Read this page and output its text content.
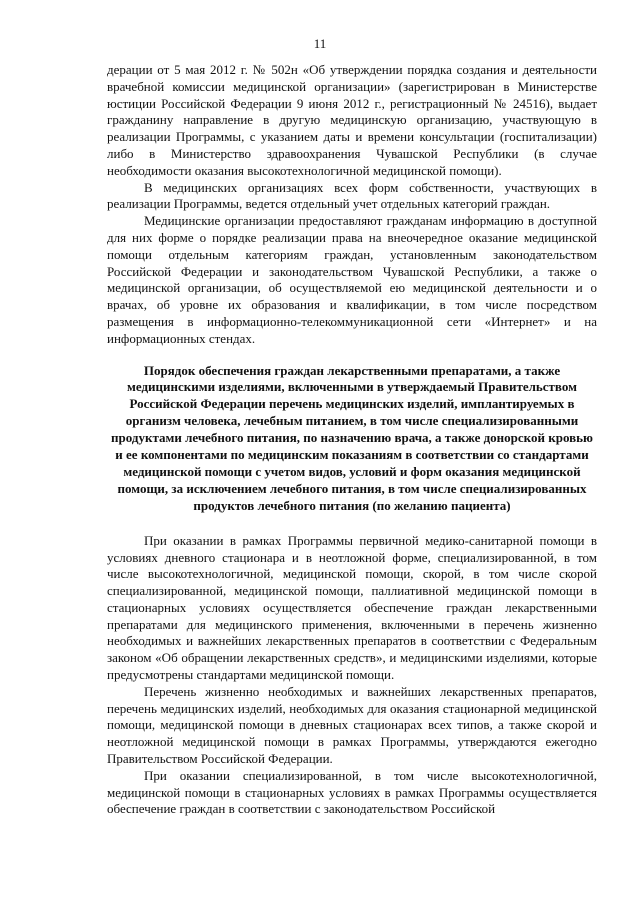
11

дерации от 5 мая 2012 г. № 502н «Об утверждении порядка создания и деятельности врачебной комиссии медицинской организации» (зарегистрирован в Министерстве юстиции Российской Федерации 9 июня 2012 г., регистрационный № 24516), выдает гражданину направление в другую медицинскую организацию, участвующую в реализации Программы, с указанием даты и времени консультации (госпитализации) либо в Министерство здравоохранения Чувашской Республики (в случае необходимости оказания высокотехнологичной медицинской помощи).

В медицинских организациях всех форм собственности, участвующих в реализации Программы, ведется отдельный учет отдельных категорий граждан.

Медицинские организации предоставляют гражданам информацию в доступной для них форме о порядке реализации права на внеочередное оказание медицинской помощи отдельным категориям граждан, установленным законодательством Российской Федерации и законодательством Чувашской Республики, а также о медицинской организации, об осуществляемой ею медицинской деятельности и о врачах, об уровне их образования и квалификации, в том числе посредством размещения в информационно-телекоммуникационной сети «Интернет» и на информационных стендах.

Порядок обеспечения граждан лекарственными препаратами, а также медицинскими изделиями, включенными в утверждаемый Правительством Российской Федерации перечень медицинских изделий, имплантируемых в организм человека, лечебным питанием, в том числе специализированными продуктами лечебного питания, по назначению врача, а также донорской кровью и ее компонентами по медицинским показаниям в соответствии со стандартами медицинской помощи с учетом видов, условий и форм оказания медицинской помощи, за исключением лечебного питания, в том числе специализированных продуктов лечебного питания (по желанию пациента)

При оказании в рамках Программы первичной медико-санитарной помощи в условиях дневного стационара и в неотложной форме, специализированной, в том числе высокотехнологичной, медицинской помощи, скорой, в том числе скорой специализированной, медицинской помощи, паллиативной медицинской помощи в стационарных условиях осуществляется обеспечение граждан лекарственными препаратами для медицинского применения, включенными в перечень жизненно необходимых и важнейших лекарственных препаратов в соответствии с Федеральным законом «Об обращении лекарственных средств», и медицинскими изделиями, которые предусмотрены стандартами медицинской помощи.

Перечень жизненно необходимых и важнейших лекарственных препаратов, перечень медицинских изделий, необходимых для оказания стационарной медицинской помощи, медицинской помощи в дневных стационарах всех типов, а также скорой и неотложной медицинской помощи в рамках Программы, утверждаются ежегодно Правительством Российской Федерации.

При оказании специализированной, в том числе высокотехнологичной, медицинской помощи в стационарных условиях в рамках Программы осуществляется обеспечение граждан в соответствии с законодательством Российской
